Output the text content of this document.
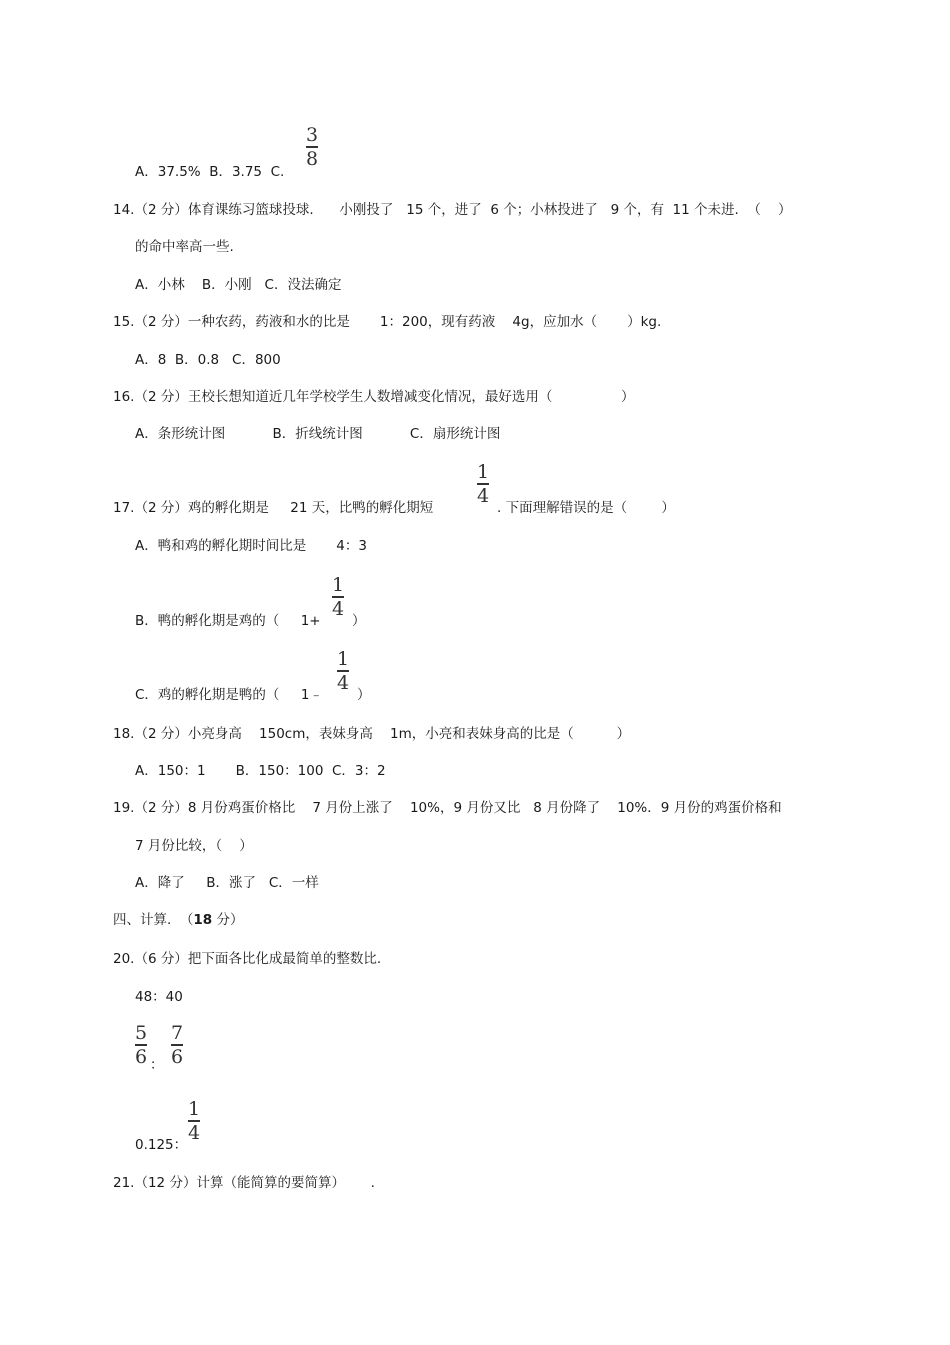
3
8
A．37.5%  B．3.75  C.
14.（2 分）体育课练习篮球投球.      小刚投了   15 个，进了  6 个；小林投进了   9 个，有  11 个未进.  （    ）
的命中率高一些.
A．小林    B．小刚   C．没法确定
15.（2 分）一种农药，药液和水的比是       1：200，现有药液    4g，应加水（       ）kg.
A．8  B．0.8   C．800
16.（2 分）王校长想知道近几年学校学生人数增减变化情况，最好选用（                ）
A．条形统计图           B．折线统计图           C．扇形统计图
17.（2 分）鸡的孵化期是     21 天，比鸭的孵化期短
1
4
. 下面理解错误的是（        ）
A．鸭和鸡的孵化期时间比是       4：3
B．鸭的孵化期是鸡的（     1+
1
4
）
C．鸡的孵化期是鸭的（     1﹣
1
4
）
18.（2 分）小亮身高    150cm，表妹身高    1m，小亮和表妹身高的比是（          ）
A．150：1       B．150：100  C．3：2
19.（2 分）8 月份鸡蛋价格比    7 月份上涨了    10%，9 月份又比   8 月份降了    10%．9 月份的鸡蛋价格和
7 月份比较，（    ）
A．降了     B．涨了   C．一样
四、计算.  （18 分）
20.（6 分）把下面各比化成最简单的整数比.
48：40
5
6 ：
7
6
0.125：
1
4
21.（12 分）计算（能简算的要简算）      .
